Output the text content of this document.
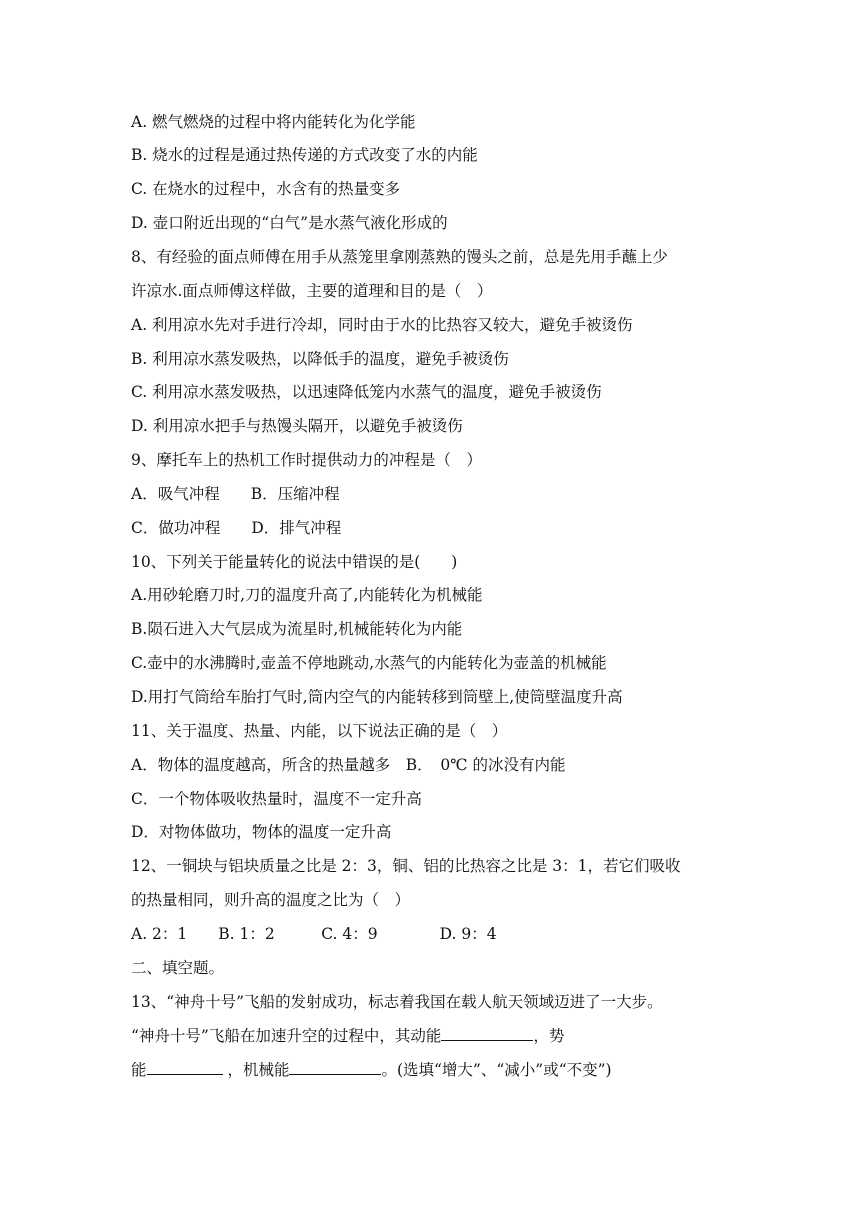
A. 燃气燃烧的过程中将内能转化为化学能
B. 烧水的过程是通过热传递的方式改变了水的内能
C. 在烧水的过程中，水含有的热量变多
D. 壶口附近出现的“白气”是水蒸气液化形成的
8、有经验的面点师傅在用手从蒸笼里拿刚蒸熟的馒头之前，总是先用手蘸上少
许凉水.面点师傅这样做，主要的道理和目的是（　）
A. 利用凉水先对手进行冷却，同时由于水的比热容又较大，避免手被烫伤
B. 利用凉水蒸发吸热，以降低手的温度，避免手被烫伤
C. 利用凉水蒸发吸热，以迅速降低笼内水蒸气的温度，避免手被烫伤
D. 利用凉水把手与热馒头隔开，以避免手被烫伤
9、摩托车上的热机工作时提供动力的冲程是（　）
A．吸气冲程　　B．压缩冲程
C．做功冲程　　D．排气冲程
10、下列关于能量转化的说法中错误的是(　　)
A.用砂轮磨刀时,刀的温度升高了,内能转化为机械能
B.陨石进入大气层成为流星时,机械能转化为内能
C.壶中的水沸腾时,壶盖不停地跳动,水蒸气的内能转化为壶盖的机械能
D.用打气筒给车胎打气时,筒内空气的内能转移到筒壁上,使筒壁温度升高
11、关于温度、热量、内能，以下说法正确的是（　）
A．物体的温度越高，所含的热量越多　B．　0℃ 的冰没有内能
C．一个物体吸收热量时，温度不一定升高
D．对物体做功，物体的温度一定升高
12、一铜块与铝块质量之比是 2：3，铜、铝的比热容之比是 3：1，若它们吸收
的热量相同，则升高的温度之比为（　）
A. 2：1　　B. 1：2　　　C. 4：9　　　　D. 9：4
二、填空题。
13、“神舟十号”飞船的发射成功，标志着我国在载人航天领域迈进了一大步。
“神舟十号”飞船在加速升空的过程中，其动能	，势
能	，机械能	。(选填“增大”、“减小”或“不变”)
